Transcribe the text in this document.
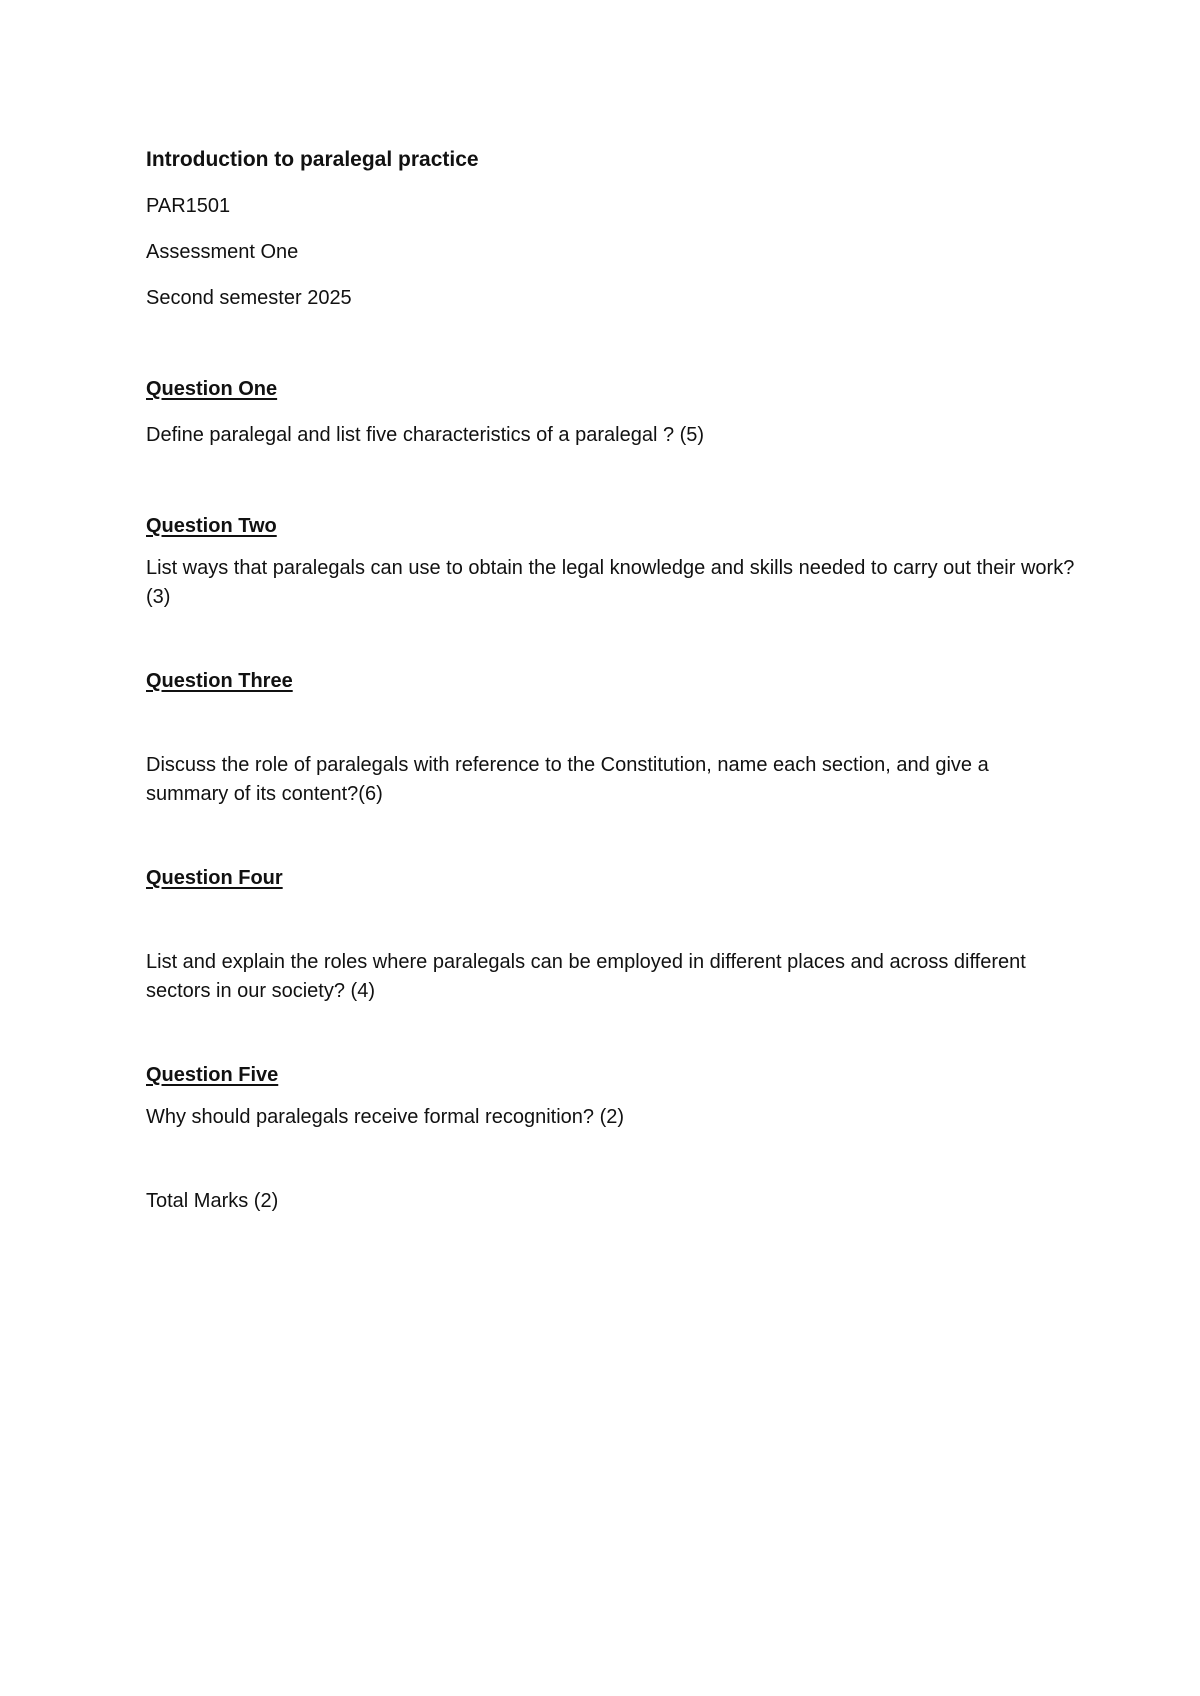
Introduction to paralegal practice
PAR1501
Assessment One
Second semester 2025
Question One
Define paralegal and list five characteristics of a paralegal ? (5)
Question Two
List ways that paralegals can use to obtain the legal knowledge and skills needed to carry out their work? (3)
Question Three
Discuss the role of paralegals with reference to the Constitution, name each section, and give a summary of its content?(6)
Question Four
List and explain the roles where paralegals can be employed in different places and across different sectors in our society? (4)
Question Five
Why should paralegals receive formal recognition? (2)
Total Marks (2)
